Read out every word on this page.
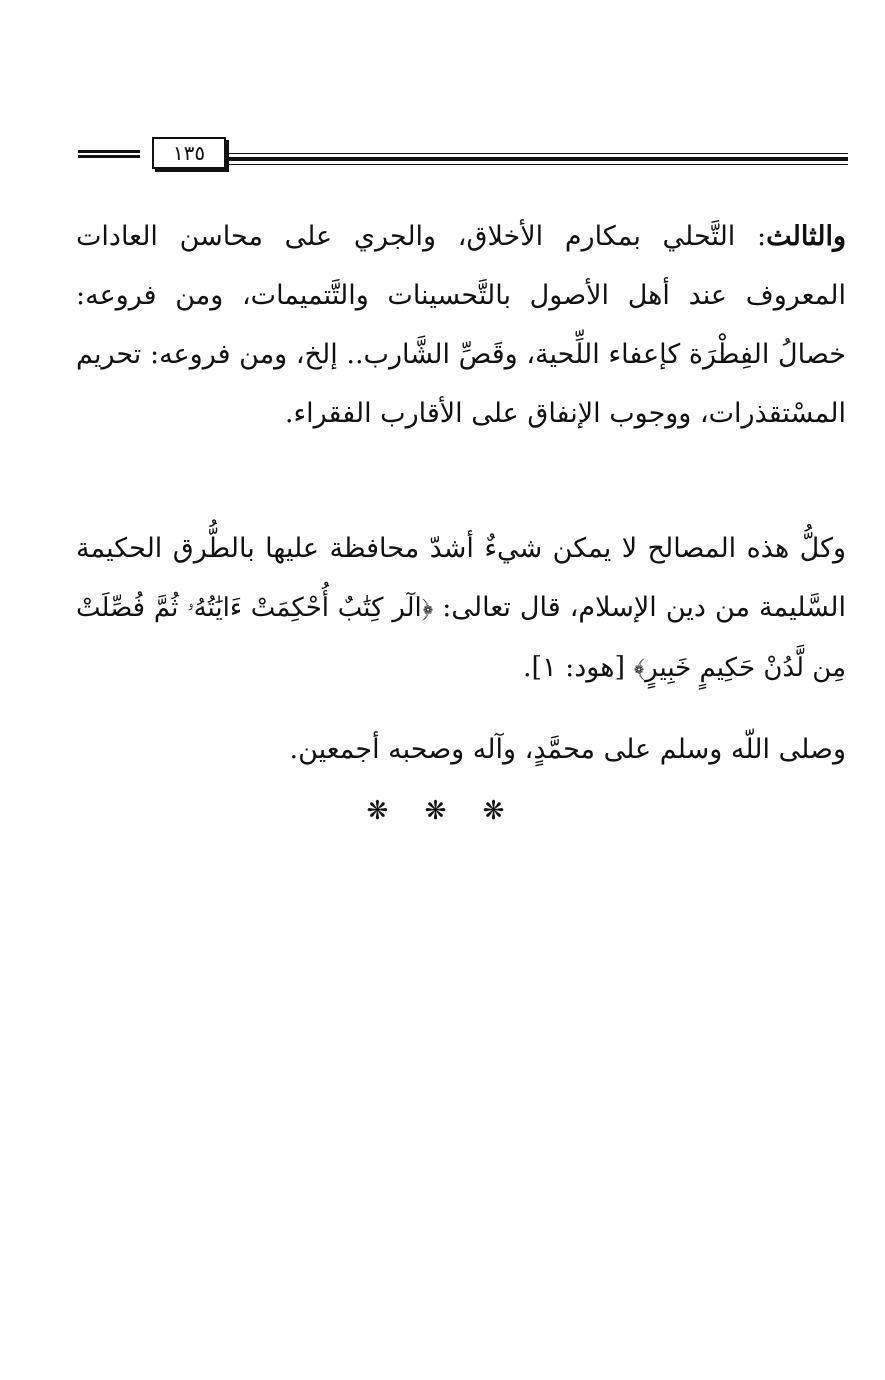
١٣٥

والثالث: التَّحلي بمكارم الأخلاق، والجري على محاسن العادات المعروف عند أهل الأصول بالتَّحسينات والتَّتميمات، ومن فروعه: خصالُ الفِطْرَة كإعفاء اللِّحية، وقَصِّ الشَّارب.. إلخ، ومن فروعه: تحريم المسْتقذرات، ووجوب الإنفاق على الأقارب الفقراء.

وكلُّ هذه المصالح لا يمكن شيءٌ أشدّ محافظة عليها بالطُّرق الحكيمة السَّليمة من دين الإسلام، قال تعالى: ﴿الٓر كِتَٰبٌ أُحْكِمَتْ ءَايَٰتُهُۥ ثُمَّ فُصِّلَتْ مِن لَّدُنْ حَكِيمٍ خَبِيرٍ﴾ [هود: ١].

وصلى اللّه وسلم على محمَّدٍ، وآله وصحبه أجمعين.

❋ ❋ ❋
